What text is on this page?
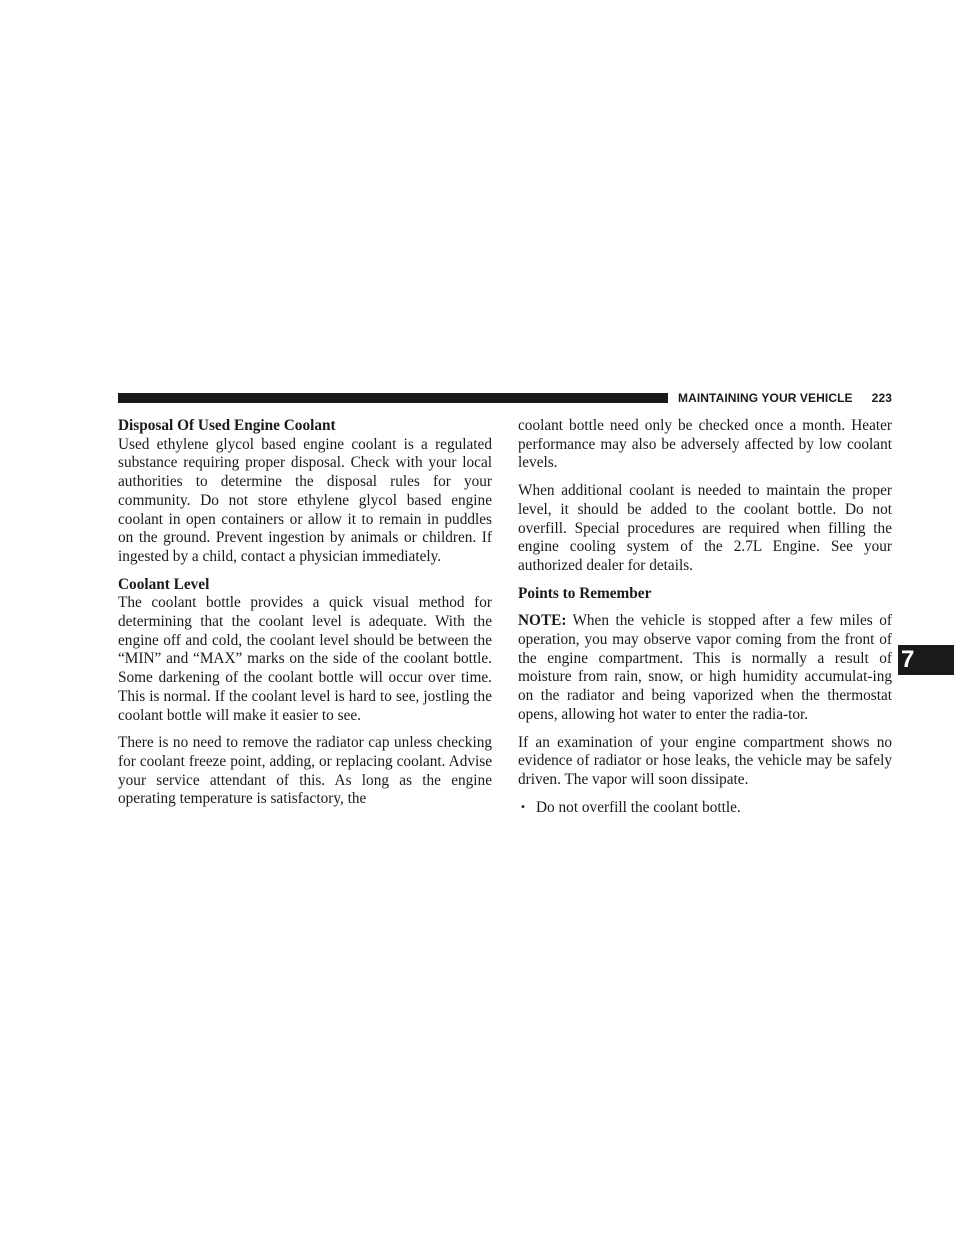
MAINTAINING YOUR VEHICLE 223

Disposal Of Used Engine Coolant

Used ethylene glycol based engine coolant is a regulated substance requiring proper disposal. Check with your local authorities to determine the disposal rules for your community. Do not store ethylene glycol based engine coolant in open containers or allow it to remain in puddles on the ground. Prevent ingestion by animals or children. If ingested by a child, contact a physician immediately.

Coolant Level

The coolant bottle provides a quick visual method for determining that the coolant level is adequate. With the engine off and cold, the coolant level should be between the “MIN” and “MAX” marks on the side of the coolant bottle. Some darkening of the coolant bottle will occur over time. This is normal. If the coolant level is hard to see, jostling the coolant bottle will make it easier to see.

There is no need to remove the radiator cap unless checking for coolant freeze point, adding, or replacing coolant. Advise your service attendant of this. As long as the engine operating temperature is satisfactory, the

coolant bottle need only be checked once a month. Heater performance may also be adversely affected by low coolant levels.

When additional coolant is needed to maintain the proper level, it should be added to the coolant bottle. Do not overfill. Special procedures are required when filling the engine cooling system of the 2.7L Engine. See your authorized dealer for details.

Points to Remember

NOTE: When the vehicle is stopped after a few miles of operation, you may observe vapor coming from the front of the engine compartment. This is normally a result of moisture from rain, snow, or high humidity accumulat-ing on the radiator and being vaporized when the thermostat opens, allowing hot water to enter the radia-tor.

If an examination of your engine compartment shows no evidence of radiator or hose leaks, the vehicle may be safely driven. The vapor will soon dissipate.

• Do not overfill the coolant bottle.
7
